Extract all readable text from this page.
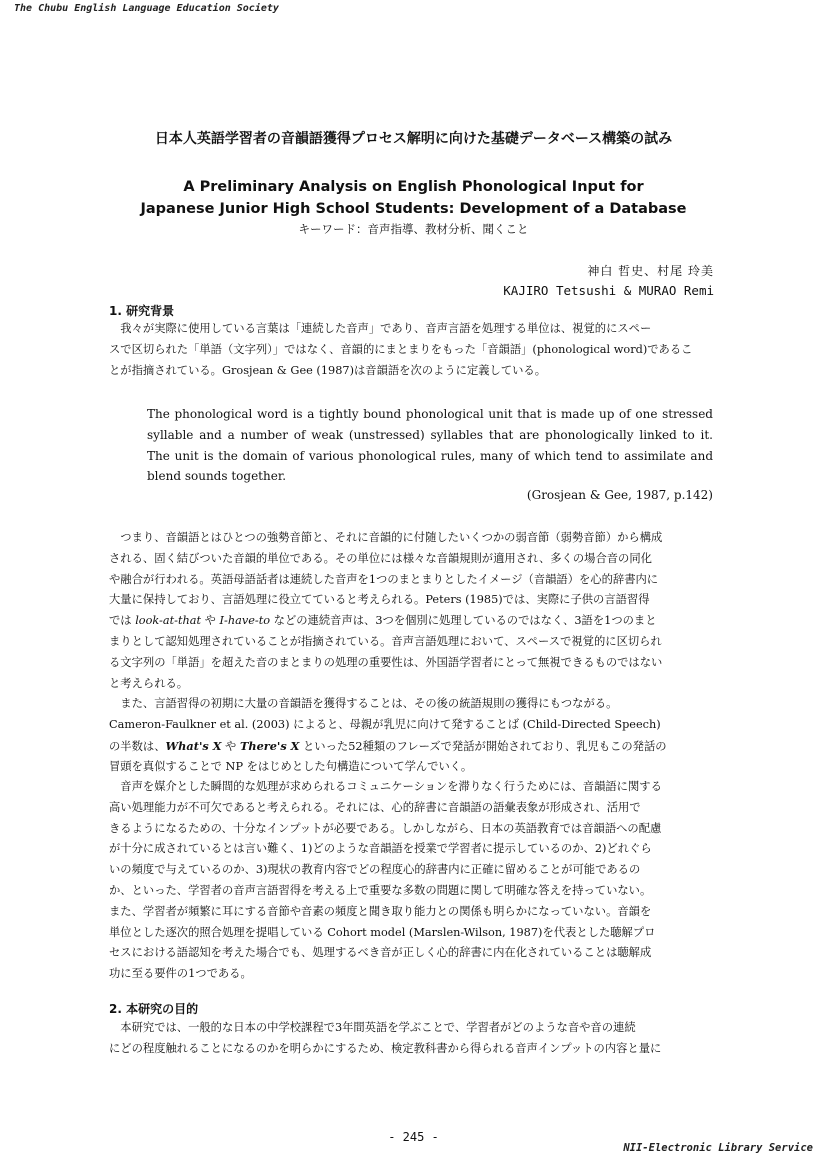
The Chubu English Language Education Society
日本人英語学習者の音韻語獲得プロセス解明に向けた基礎データベース構築の試み
A Preliminary Analysis on English Phonological Input for
Japanese Junior High School Students: Development of a Database
キーワード：音声指導、教材分析、聞くこと
神白 哲史、村尾 玲美
KAJIRO Tetsushi & MURAO Remi
1. 研究背景
　我々が実際に使用している言葉は「連続した音声」であり、音声言語を処理する単位は、視覚的にスペー
スで区切られた「単語（文字列）」ではなく、音韻的にまとまりをもった「音韻語」(phonological word)であるこ
とが指摘されている。Grosjean & Gee (1987)は音韻語を次のように定義している。

The phonological word is a tightly bound phonological unit that is made up of one stressed syllable and a number of weak (unstressed) syllables that are phonologically linked to it. The unit is the domain of various phonological rules, many of which tend to assimilate and blend sounds together.

(Grosjean & Gee, 1987, p.142)
　つまり、音韻語とはひとつの強勢音節と、それに音韻的に付随したいくつかの弱音節（弱勢音節）から構成
される、固く結びついた音韻的単位である。その単位には様々な音韻規則が適用され、多くの場合音の同化
や融合が行われる。英語母語話者は連続した音声を1つのまとまりとしたイメージ（音韻語）を心的辞書内に
大量に保持しており、言語処理に役立てていると考えられる。Peters (1985)では、実際に子供の言語習得
では look-at-that や I-have-to などの連続音声は、3つを個別に処理しているのではなく、3語を1つのまと
まりとして認知処理されていることが指摘されている。音声言語処理において、スペースで視覚的に区切られ
る文字列の「単語」を超えた音のまとまりの処理の重要性は、外国語学習者にとって無視できるものではない
と考えられる。
　また、言語習得の初期に大量の音韻語を獲得することは、その後の統語規則の獲得にもつながる。
Cameron-Faulkner et al. (2003) によると、母親が乳児に向けて発することば (Child-Directed Speech)
の半数は、What's X や There's X といった52種類のフレーズで発話が開始されており、乳児もこの発話の
冒頭を真似することで NP をはじめとした句構造について学んでいく。
　音声を媒介とした瞬間的な処理が求められるコミュニケーションを滞りなく行うためには、音韻語に関する
高い処理能力が不可欠であると考えられる。それには、心的辞書に音韻語の語彙表象が形成され、活用で
きるようになるための、十分なインプットが必要である。しかしながら、日本の英語教育では音韻語への配慮
が十分に成されているとは言い難く、1)どのような音韻語を授業で学習者に提示しているのか、2)どれぐら
いの頻度で与えているのか、3)現状の教育内容でどの程度心的辞書内に正確に留めることが可能であるの
か、といった、学習者の音声言語習得を考える上で重要な多数の問題に関して明確な答えを持っていない。
また、学習者が頻繁に耳にする音節や音素の頻度と聞き取り能力との関係も明らかになっていない。音韻を
単位とした逐次的照合処理を提唱している Cohort model (Marslen-Wilson, 1987)を代表とした聴解プロ
セスにおける語認知を考えた場合でも、処理するべき音が正しく心的辞書に内在化されていることは聴解成
功に至る要件の1つである。
2. 本研究の目的
　本研究では、一般的な日本の中学校課程で3年間英語を学ぶことで、学習者がどのような音や音の連続
にどの程度触れることになるのかを明らかにするため、検定教科書から得られる音声インプットの内容と量に
- 245 -
NII-Electronic Library Service
